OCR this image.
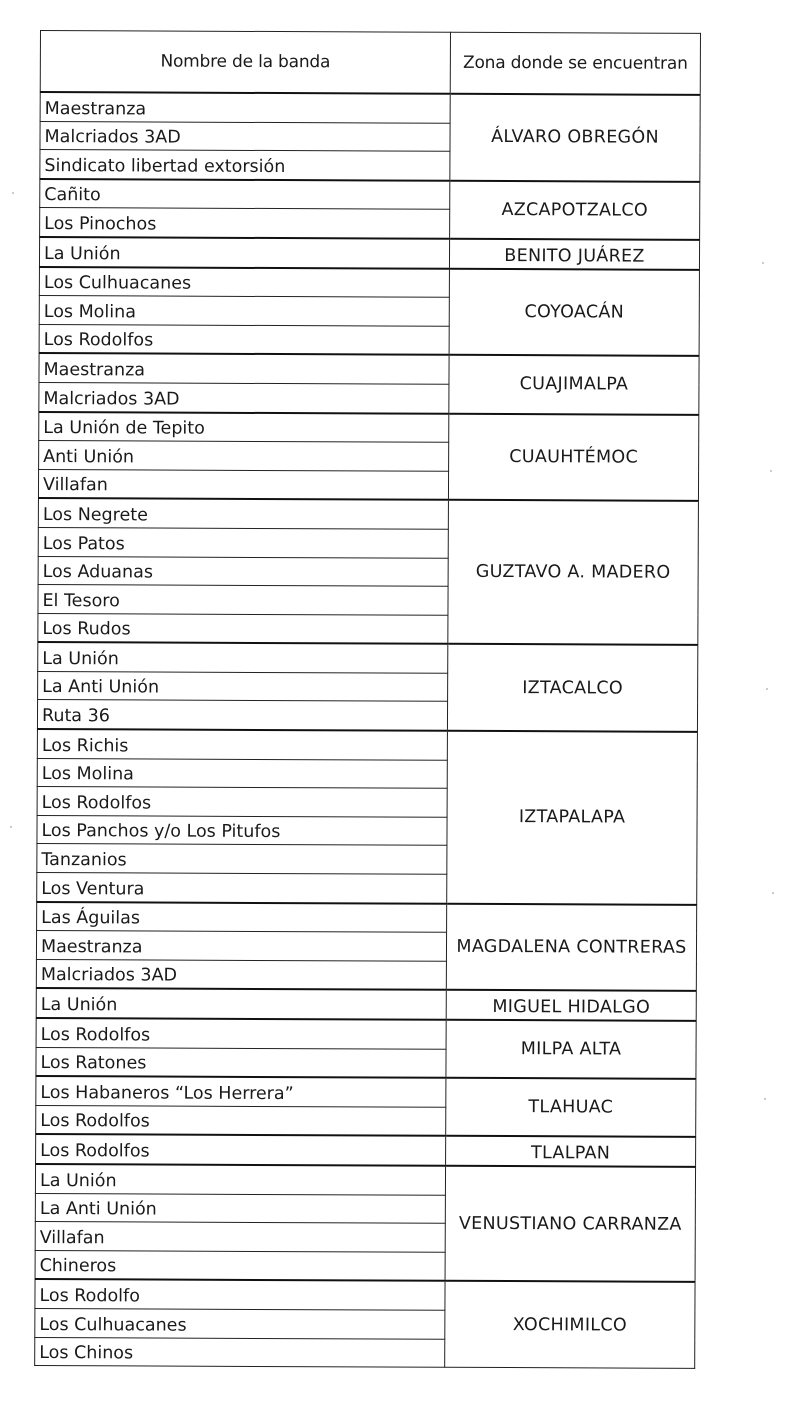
Nombre de la banda	Zona donde se encuentran
Maestranza	ÁLVARO OBREGÓN
Malcriados 3AD	
Sindicato libertad extorsión	
Cañito	AZCAPOTZALCO
Los Pinochos	
La Unión	BENITO JUÁREZ
Los Culhuacanes	COYOACÁN
Los Molina	
Los Rodolfos	
Maestranza	CUAJIMALPA
Malcriados 3AD	
La Unión de Tepito	CUAUHTÉMOC
Anti Unión	
Villafan	
Los Negrete	GUZTAVO A. MADERO
Los Patos	
Los Aduanas	
El Tesoro	
Los Rudos	
La Unión	IZTACALCO
La Anti Unión	
Ruta 36	
Los Richis	IZTAPALAPA
Los Molina	
Los Rodolfos	
Los Panchos y/o Los Pitufos	
Tanzanios	
Los Ventura	
Las Águilas	MAGDALENA CONTRERAS
Maestranza	
Malcriados 3AD	
La Unión	MIGUEL HIDALGO
Los Rodolfos	MILPA ALTA
Los Ratones	
Los Habaneros “Los Herrera”	TLAHUAC
Los Rodolfos	
Los Rodolfos	TLALPAN
La Unión	VENUSTIANO CARRANZA
La Anti Unión	
Villafan	
Chineros	
Los Rodolfo	XOCHIMILCO
Los Culhuacanes	
Los Chinos	
